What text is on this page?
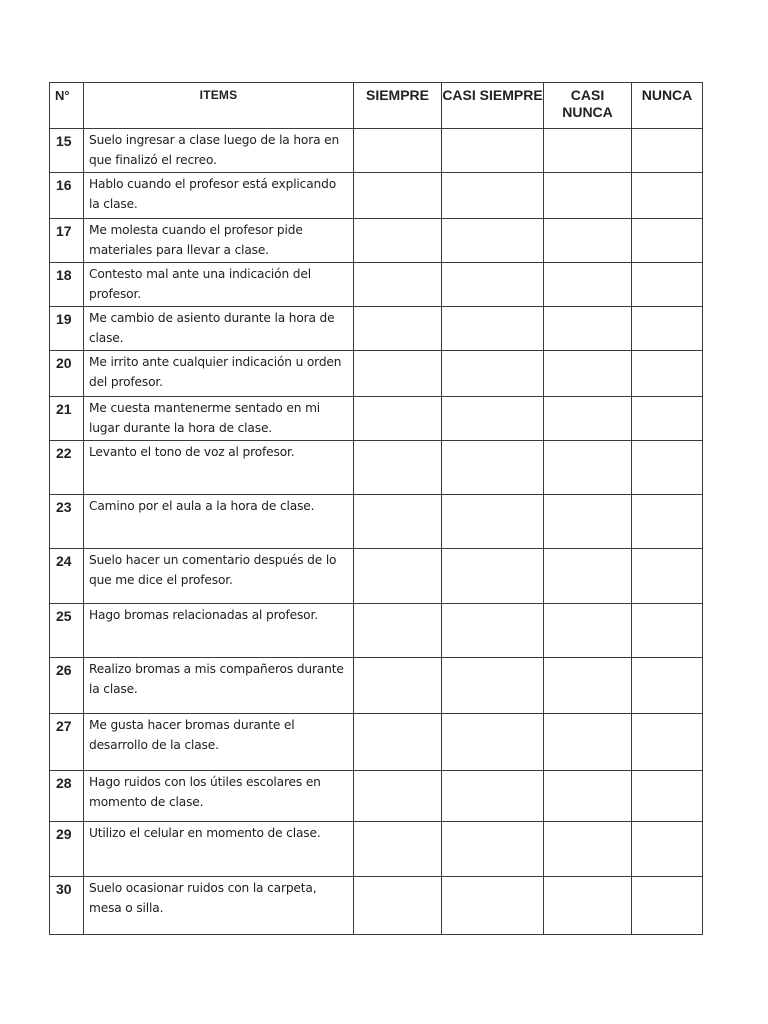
N°	ITEMS	SIEMPRE	CASI SIEMPRE	CASI NUNCA	NUNCA
15	Suelo ingresar a clase luego de la hora en que finalizó el recreo.				
16	Hablo cuando el profesor está explicando la clase.				
17	Me molesta cuando el profesor pide materiales para llevar a clase.				
18	Contesto mal ante una indicación del profesor.				
19	Me cambio de asiento durante la hora de clase.				
20	Me irrito ante cualquier indicación u orden del profesor.				
21	Me cuesta mantenerme sentado en mi lugar durante la hora de clase.				
22	Levanto el tono de voz al profesor.				
23	Camino por el aula a la hora de clase.				
24	Suelo hacer un comentario después de lo que me dice el profesor.				
25	Hago bromas relacionadas al profesor.				
26	Realizo bromas a mis compañeros durante la clase.				
27	Me gusta hacer bromas durante el desarrollo de la clase.				
28	Hago ruidos con los útiles escolares en momento de clase.				
29	Utilizo el celular en momento de clase.				
30	Suelo ocasionar ruidos con la carpeta, mesa o silla.				
